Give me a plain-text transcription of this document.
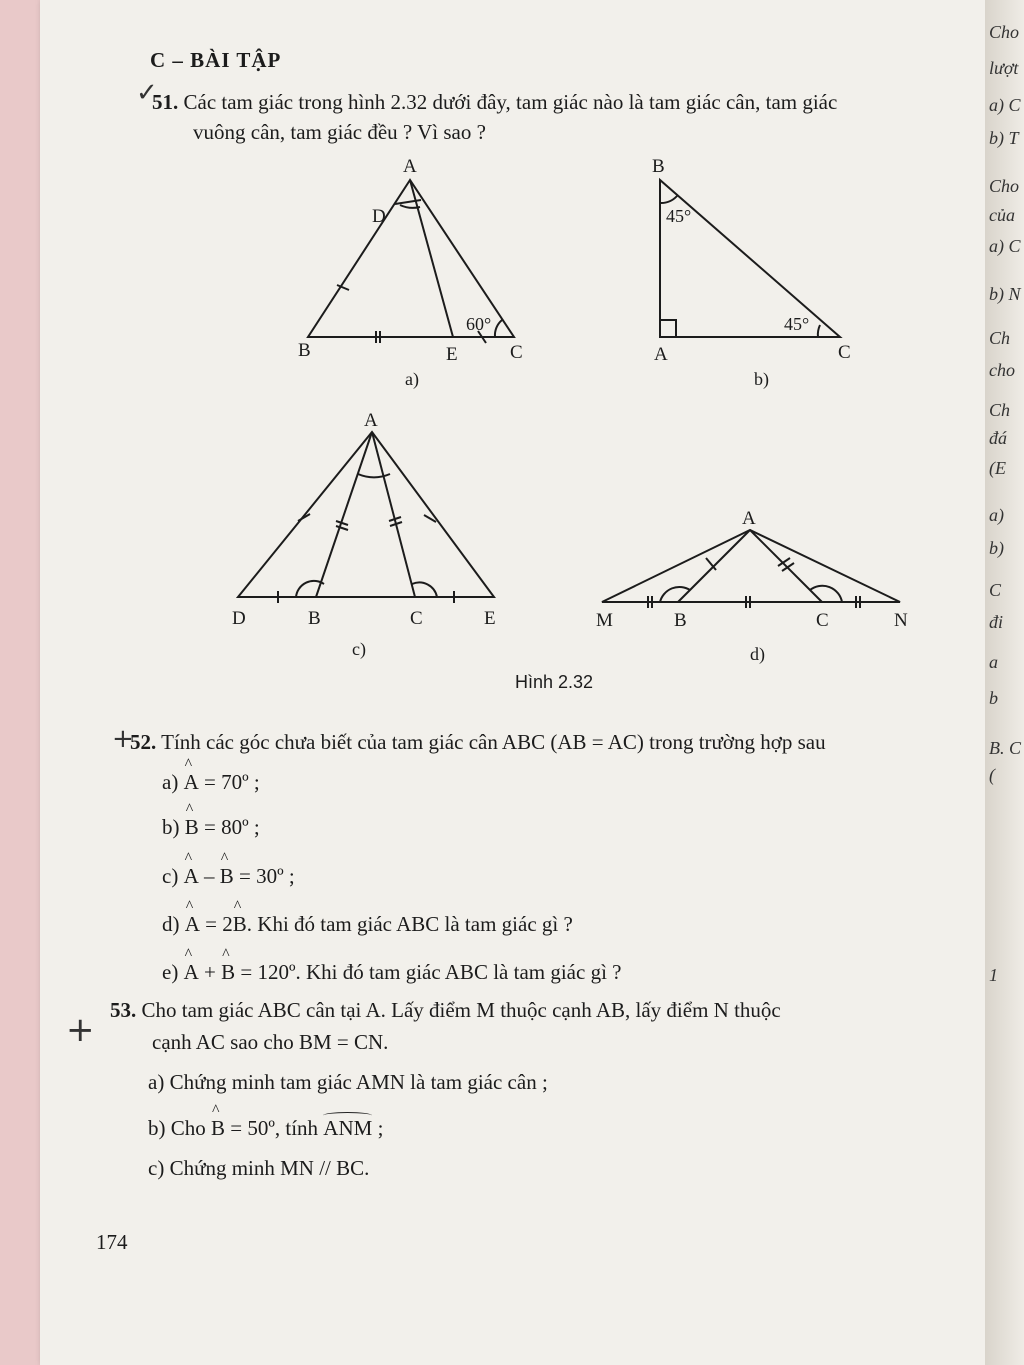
Cho
lượt
a) C
b) T
Cho
của
a) C
b) N
Ch
cho
Ch
đá
(E
a)
b)
C
đi
a
b
B. C
(
1
C – BÀI TẬP
✓
51. Các tam giác trong hình 2.32 dưới đây, tam giác nào là tam giác cân, tam giác
vuông cân, tam giác đều ? Vì sao ?
A
D
B	E	C
60°
a)
B
A	C
45°
45°
b)
A
D	B	C	E
c)
A
M	B	C	N
d)
Hình 2.32
+
52. Tính các góc chưa biết của tam giác cân ABC (AB = AC) trong trường hợp sau
a) ^ A = 70º ;
b) ^ B = 80º ;
c) ^ A – ^ B = 30º ;
d) ^ A = 2^ B. Khi đó tam giác ABC là tam giác gì ?
e) ^ A + ^ B = 120º. Khi đó tam giác ABC là tam giác gì ?
+ 53. Cho tam giác ABC cân tại A. Lấy điểm M thuộc cạnh AB, lấy điểm N thuộc
cạnh AC sao cho BM = CN.
a) Chứng minh tam giác AMN là tam giác cân ;
b) Cho ^ B = 50º, tính ANM ;
c) Chứng minh MN // BC.
174
